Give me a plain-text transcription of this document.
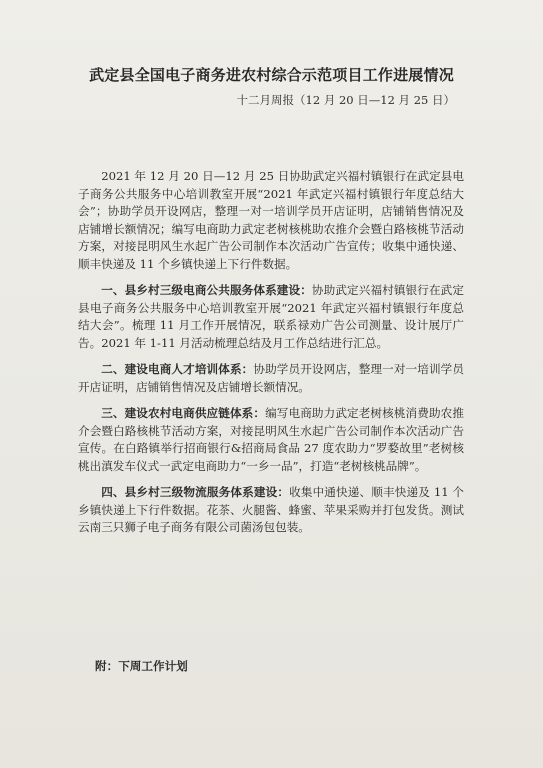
武定县全国电子商务进农村综合示范项目工作进展情况
十二月周报（12 月 20 日—12 月 25 日）

2021 年 12 月 20 日—12 月 25 日协助武定兴福村镇银行在武定县电子商务公共服务中心培训教室开展“2021 年武定兴福村镇银行年度总结大会”；协助学员开设网店，整理一对一培训学员开店证明，店铺销售情况及店铺增长额情况；编写电商助力武定老树核桃助农推介会暨白路核桃节活动方案，对接昆明风生水起广告公司制作本次活动广告宣传；收集中通快递、顺丰快递及 11 个乡镇快递上下行件数据。

一、县乡村三级电商公共服务体系建设：协助武定兴福村镇银行在武定县电子商务公共服务中心培训教室开展“2021 年武定兴福村镇银行年度总结大会”。梳理 11 月工作开展情况，联系禄劝广告公司测量、设计展厅广告。2021 年 1-11 月活动梳理总结及月工作总结进行汇总。

二、建设电商人才培训体系：协助学员开设网店，整理一对一培训学员开店证明，店铺销售情况及店铺增长额情况。

三、建设农村电商供应链体系：编写电商助力武定老树核桃消费助农推介会暨白路核桃节活动方案，对接昆明风生水起广告公司制作本次活动广告宣传。在白路镇举行招商银行&招商局食品 27 度农助力“罗婺故里”老树核桃出滇发车仪式一武定电商助力“一乡一品”，打造“老树核桃品牌”。

四、县乡村三级物流服务体系建设：收集中通快递、顺丰快递及 11 个乡镇快递上下行件数据。花茶、火腿酱、蜂蜜、苹果采购并打包发货。测试云南三只狮子电子商务有限公司菌汤包包装。

附：下周工作计划
